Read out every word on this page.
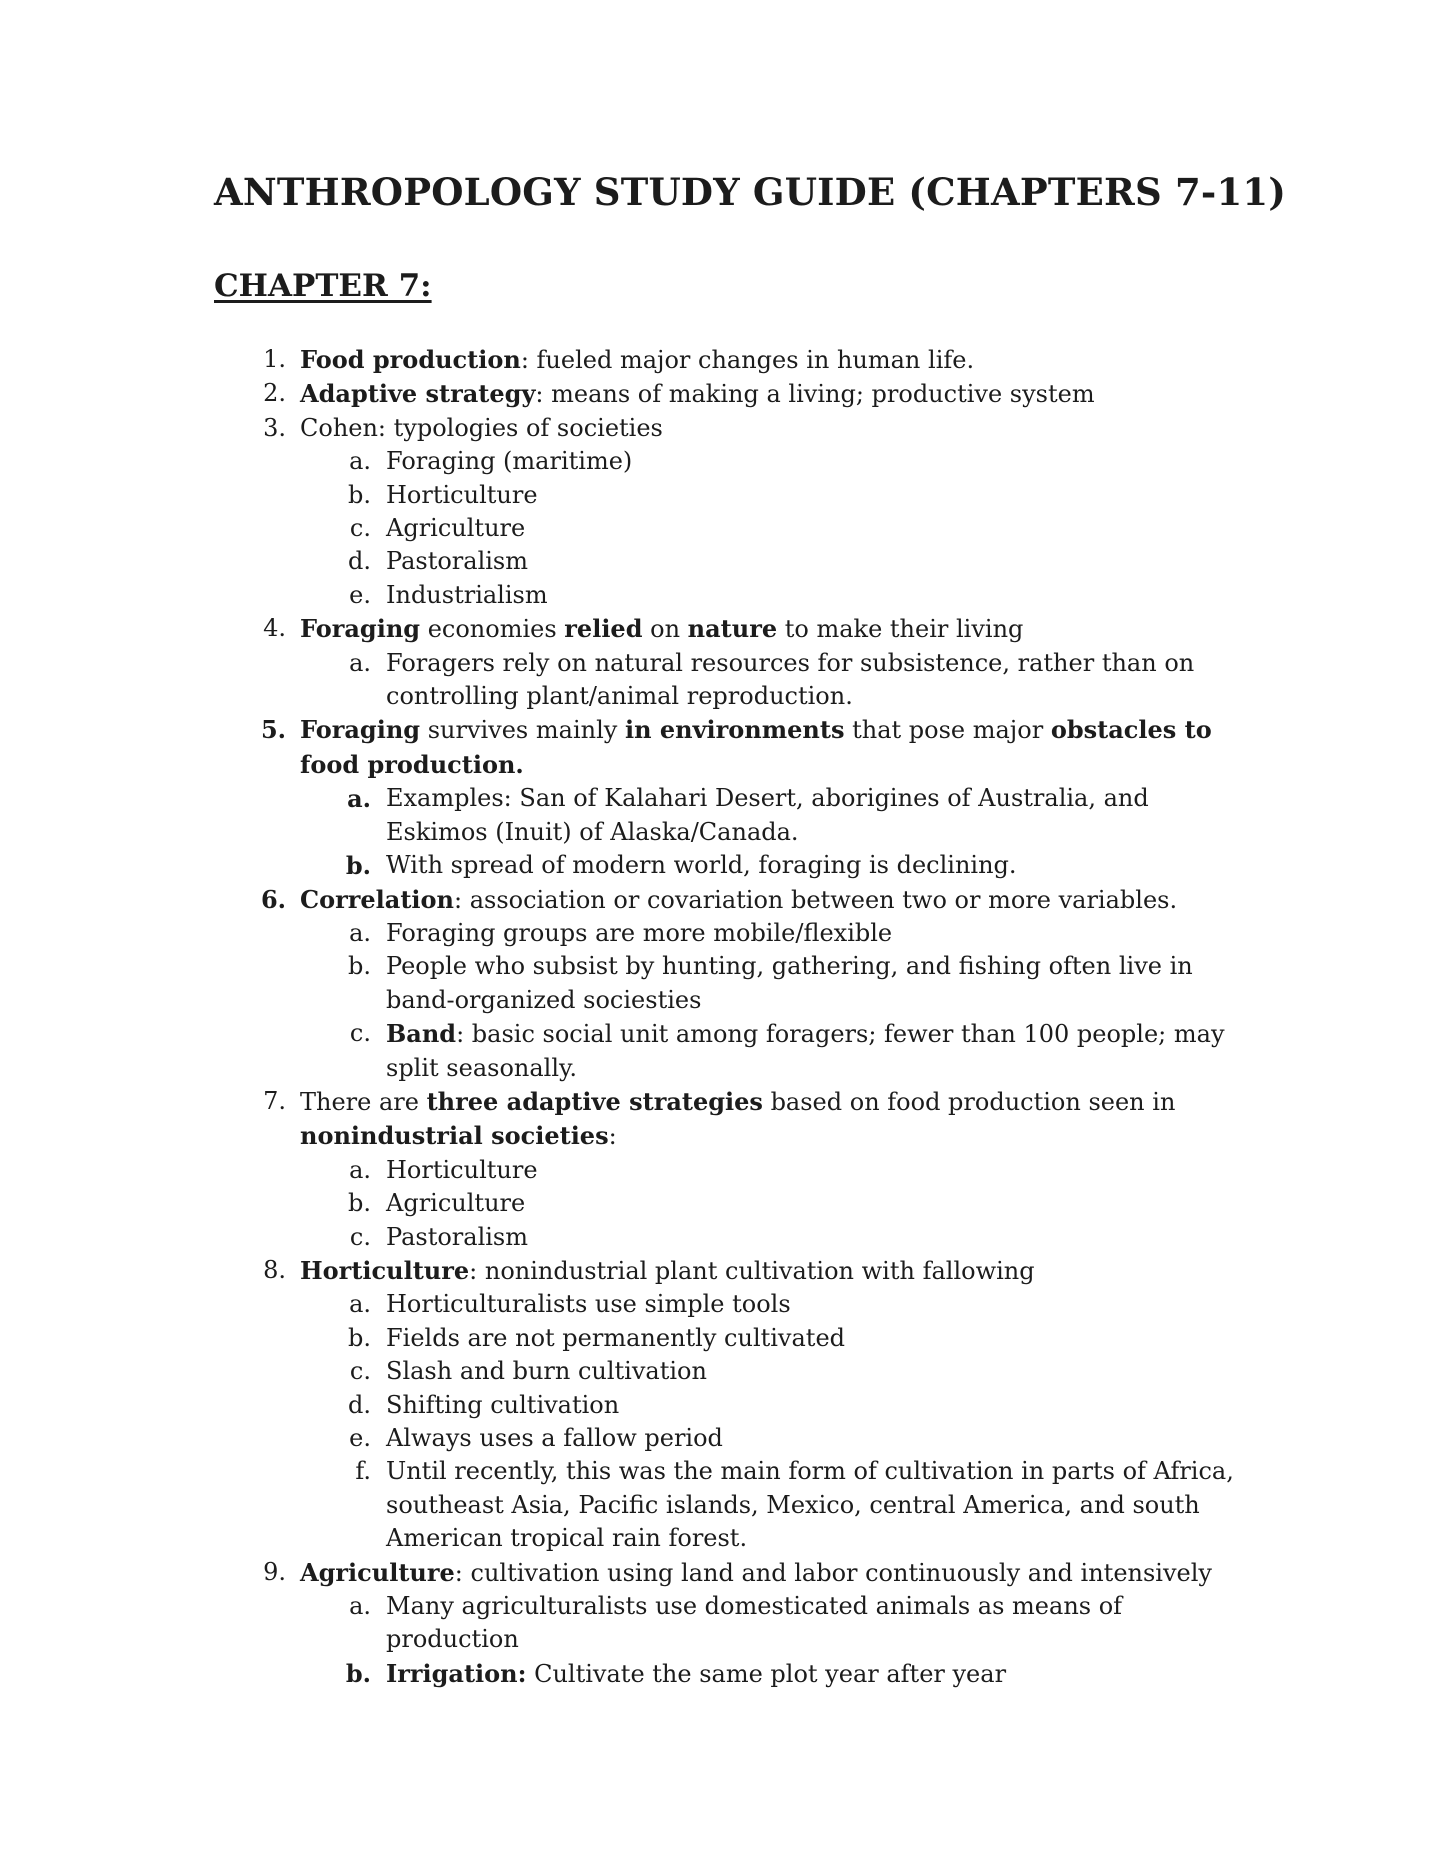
ANTHROPOLOGY STUDY GUIDE (CHAPTERS 7-11)
CHAPTER 7:
1. Food production: fueled major changes in human life.
2. Adaptive strategy: means of making a living; productive system
3. Cohen: typologies of societies
a. Foraging (maritime)
b. Horticulture
c. Agriculture
d. Pastoralism
e. Industrialism
4. Foraging economies relied on nature to make their living
a. Foragers rely on natural resources for subsistence, rather than on controlling plant/animal reproduction.
5. Foraging survives mainly in environments that pose major obstacles to food production.
a. Examples: San of Kalahari Desert, aborigines of Australia, and Eskimos (Inuit) of Alaska/Canada.
b. With spread of modern world, foraging is declining.
6. Correlation: association or covariation between two or more variables.
a. Foraging groups are more mobile/flexible
b. People who subsist by hunting, gathering, and fishing often live in band-organized sociesties
c. Band: basic social unit among foragers; fewer than 100 people; may split seasonally.
7. There are three adaptive strategies based on food production seen in nonindustrial societies:
a. Horticulture
b. Agriculture
c. Pastoralism
8. Horticulture: nonindustrial plant cultivation with fallowing
a. Horticulturalists use simple tools
b. Fields are not permanently cultivated
c. Slash and burn cultivation
d. Shifting cultivation
e. Always uses a fallow period
f. Until recently, this was the main form of cultivation in parts of Africa, southeast Asia, Pacific islands, Mexico, central America, and south American tropical rain forest.
9. Agriculture: cultivation using land and labor continuously and intensively
a. Many agriculturalists use domesticated animals as means of production
b. Irrigation: Cultivate the same plot year after year
